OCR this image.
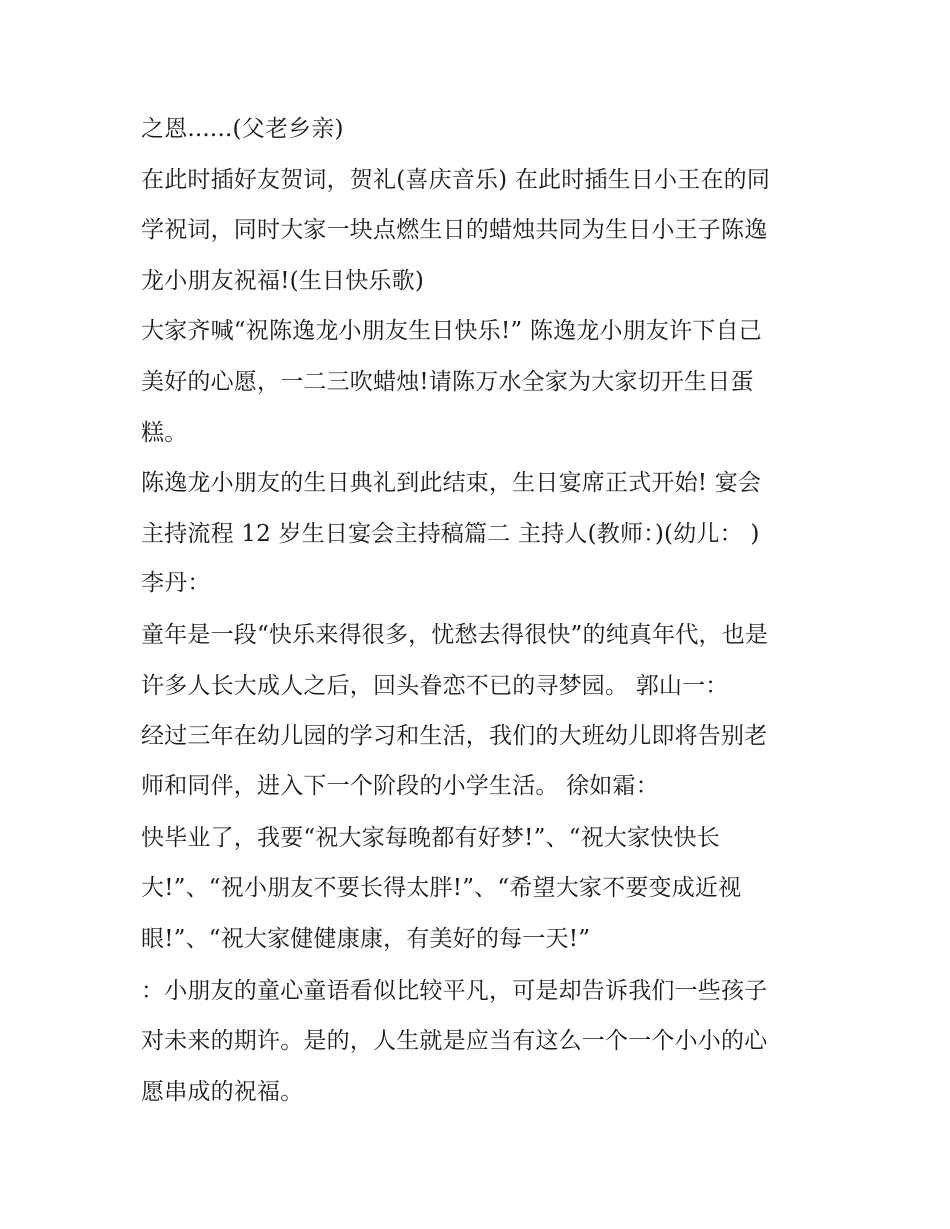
之恩......(父老乡亲)
在此时插好友贺词，贺礼(喜庆音乐) 在此时插生日小王在的同
学祝词，同时大家一块点燃生日的蜡烛共同为生日小王子陈逸
龙小朋友祝福!(生日快乐歌)
大家齐喊“祝陈逸龙小朋友生日快乐!” 陈逸龙小朋友许下自己
美好的心愿，一二三吹蜡烛!请陈万水全家为大家切开生日蛋
糕。
陈逸龙小朋友的生日典礼到此结束，生日宴席正式开始! 宴会
主持流程 12 岁生日宴会主持稿篇二 主持人(教师：)(幼儿： )
李丹：
童年是一段“快乐来得很多，忧愁去得很快”的纯真年代，也是
许多人长大成人之后，回头眷恋不已的寻梦园。 郭山一：
经过三年在幼儿园的学习和生活，我们的大班幼儿即将告别老
师和同伴，进入下一个阶段的小学生活。 徐如霜：
快毕业了，我要“祝大家每晚都有好梦!”、“祝大家快快长
大!”、“祝小朋友不要长得太胖!”、“希望大家不要变成近视
眼!”、“祝大家健健康康，有美好的每一天!”
：小朋友的童心童语看似比较平凡，可是却告诉我们一些孩子
对未来的期许。是的，人生就是应当有这么一个一个小小的心
愿串成的祝福。
